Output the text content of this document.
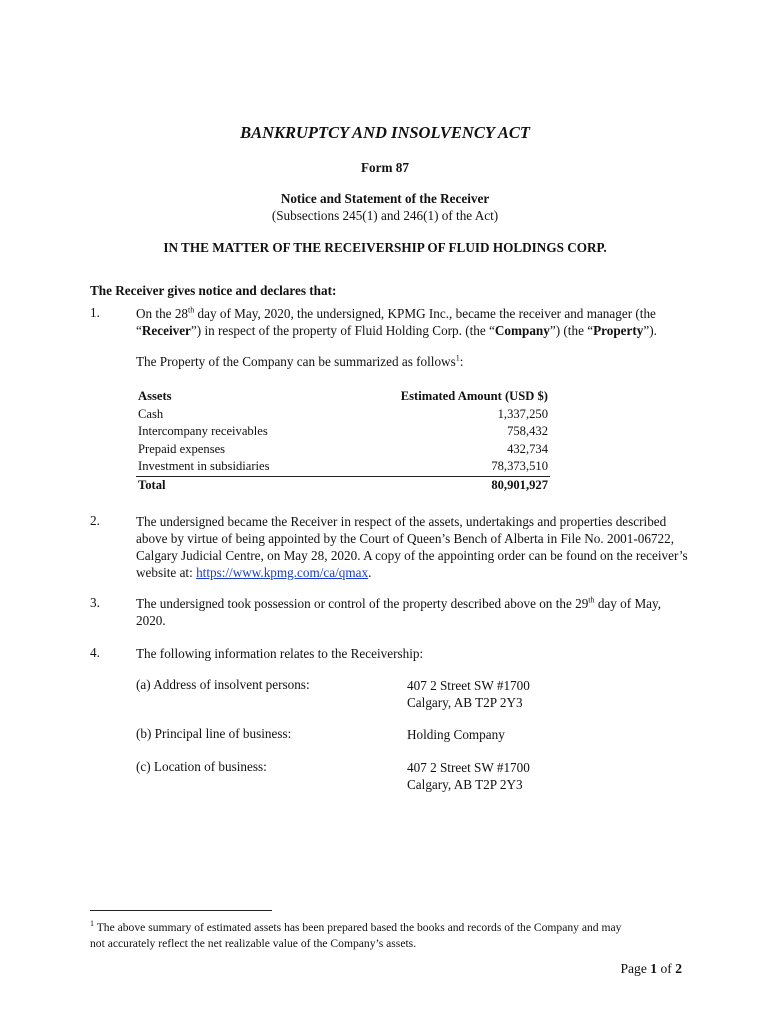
BANKRUPTCY AND INSOLVENCY ACT
Form 87
Notice and Statement of the Receiver
(Subsections 245(1) and 246(1) of the Act)
IN THE MATTER OF THE RECEIVERSHIP OF FLUID HOLDINGS CORP.
The Receiver gives notice and declares that:
1.	On the 28th day of May, 2020, the undersigned, KPMG Inc., became the receiver and manager (the
“Receiver”) in respect of the property of Fluid Holding Corp. (the “Company”) (the “Property”).
The Property of the Company can be summarized as follows$^1$:
Assets	Estimated Amount (USD $)
Cash	1,337,250
Intercompany receivables	758,432
Prepaid expenses	432,734
Investment in subsidiaries	78,373,510
Total	80,901,927
2.	The undersigned became the Receiver in respect of the assets, undertakings and properties described
above by virtue of being appointed by the Court of Queen’s Bench of Alberta in File No. 2001-06722,
Calgary Judicial Centre, on May 28, 2020. A copy of the appointing order can be found on the receiver’s
website at: https://www.kpmg.com/ca/qmax.
3.	The undersigned took possession or control of the property described above on the 29th day of May,
2020.
4.	The following information relates to the Receivership:
(a) Address of insolvent persons:	407 2 Street SW #1700
Calgary, AB T2P 2Y3
(b) Principal line of business:	Holding Company
(c) Location of business:	407 2 Street SW #1700
Calgary, AB T2P 2Y3
$^1$ The above summary of estimated assets has been prepared based the books and records of the Company and may
not accurately reflect the net realizable value of the Company’s assets.
Page 1 of 2
